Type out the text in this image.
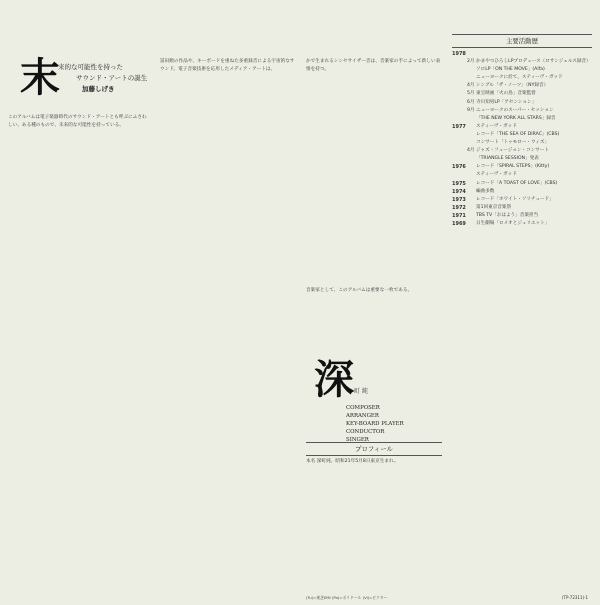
末
来的な可能性を持った
サウンド・アートの誕生
加藤しげき
このアルバムは電子楽器時代のサウンド・アートとも呼ぶにふさわしい、ある種のもので、未来的な可能性を持っている。
冨田勲の作品や、キーボードを重ねた多重録音による宇宙的なサウンド。電子音楽技術を応用したメディア・アートは、
かで生まれるシンセサイザー音は、音楽家の手によって新しい表情を持つ。
音楽家として、このアルバムは重要な一枚である。
深 町 純
COMPOSER
ARRANGER
KEY-BOARD PLAYER
CONDUCTOR
SINGER
プロフィール
本名 深町純、昭和21年5月8日東京生まれ。
主要活動歴
1978
2月 かまやつひろしLPプロデュース（ロサンジェルス録音）
ソロLP「ON THE MOVE」(Alfa)
ニューヨークに於て、スティーヴ・ガッド
4月 シングル「ザ・ノーツ」（NY録音）
5月 東宝映画「火の鳥」音楽監督
6月 寺川知男LP「アセンション」
9月 ニューヨークのスーパー・セッション
「THE NEW YORK ALL STARS」録音
1977 スティーヴ・ガッド
レコード「THE SEA OF DIRAC」(CBS)
コンサート「トゥモロー・ウィズ」
4月 ジャズ・フュージョン・コンサート
「TRIANGLE SESSION」発表
1976 レコード「SPIRAL STEPS」(Kitty)
スティーヴ・ガッド
1975 レコード「A TOAST OF LOVE」(CBS)
1974 編曲多数
1973 レコード「ホワイト・ソリチュード」
1972 第1回東京音楽祭
1971 TBS TV「おはよう」音楽担当
1969 日生劇場「ロメオとジュリエット」
(Tu)=東芝EMI (Pa)=ポリドール (Vi)=ビクター	(TP-72311)-1
